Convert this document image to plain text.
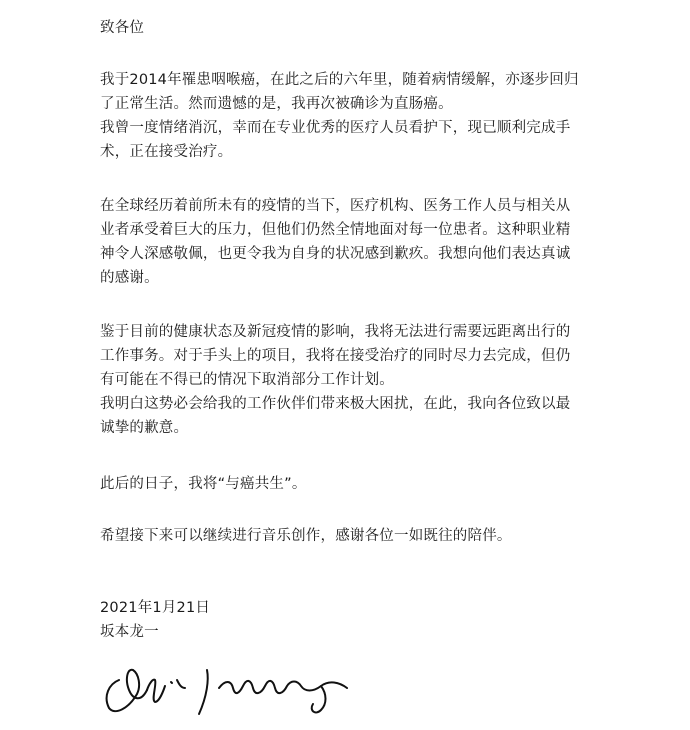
致各位
我于2014年罹患咽喉癌，在此之后的六年里，随着病情缓解，亦逐步回归
了正常生活。然而遗憾的是，我再次被确诊为直肠癌。
我曾一度情绪消沉，幸而在专业优秀的医疗人员看护下，现已顺利完成手
术，正在接受治疗。
在全球经历着前所未有的疫情的当下，医疗机构、医务工作人员与相关从
业者承受着巨大的压力，但他们仍然全情地面对每一位患者。这种职业精
神令人深感敬佩，也更令我为自身的状况感到歉疚。我想向他们表达真诚
的感谢。
鉴于目前的健康状态及新冠疫情的影响，我将无法进行需要远距离出行的
工作事务。对于手头上的项目，我将在接受治疗的同时尽力去完成，但仍
有可能在不得已的情况下取消部分工作计划。
我明白这势必会给我的工作伙伴们带来极大困扰，在此，我向各位致以最
诚挚的歉意。
此后的日子，我将“与癌共生”。
希望接下来可以继续进行音乐创作，感谢各位一如既往的陪伴。
2021年1月21日
坂本龙一
